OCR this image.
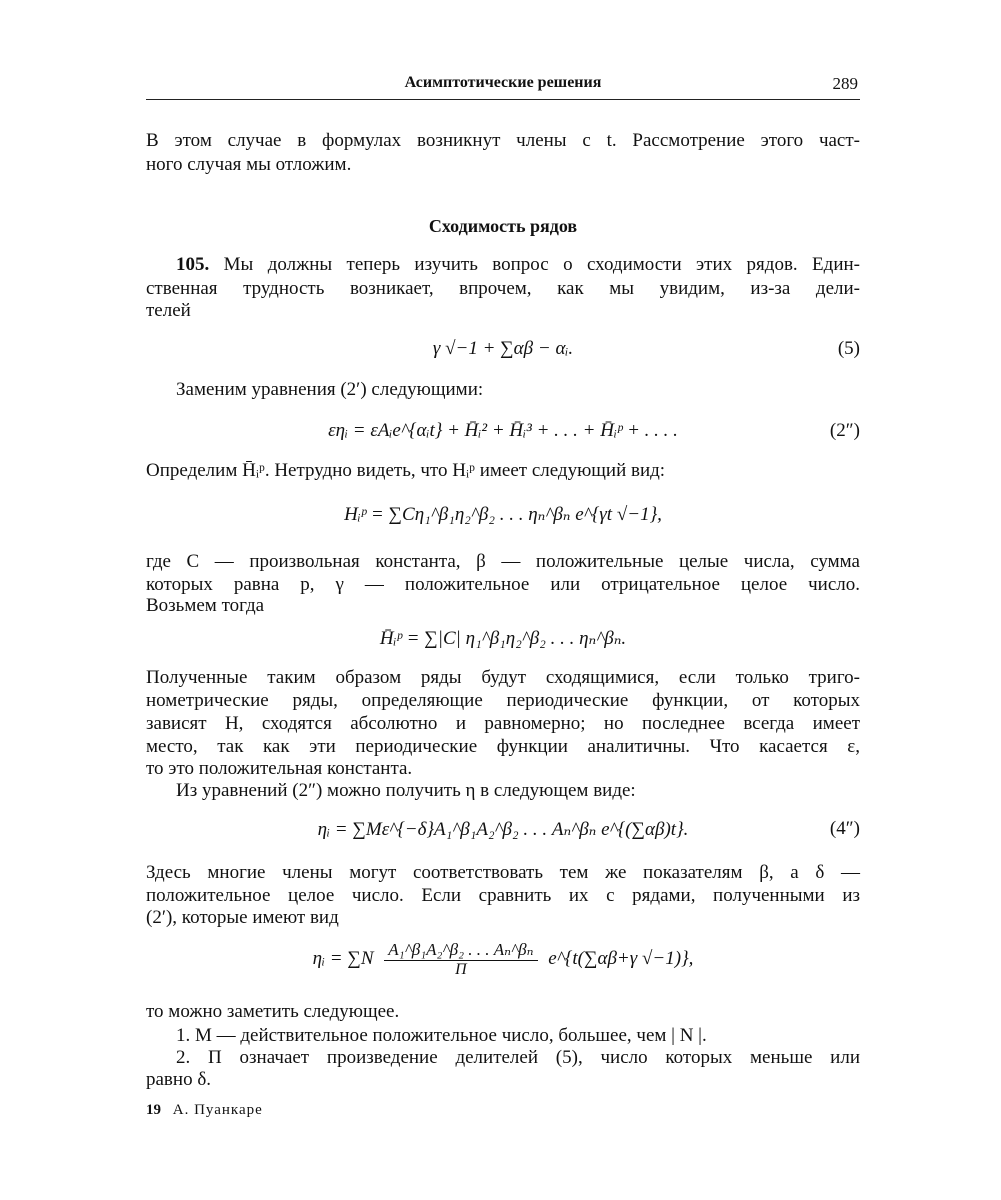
Асимптотические решения	289

В этом случае в формулах возникнут члены с t. Рассмотрение этого част-

ного случая мы отложим.

Сходимость рядов

105. Мы должны теперь изучить вопрос о сходимости этих рядов. Един-

ственная трудность возникает, впрочем, как мы увидим, из-за дели-

телей

γ √−1 + ∑αβ − αᵢ.	(5)

Заменим уравнения (2′) следующими:

εηᵢ = εAᵢe^{αᵢt} + H̄ᵢ² + H̄ᵢ³ + . . . + H̄ᵢᵖ + . . . .	(2″)

Определим H̄ᵢᵖ. Нетрудно видеть, что Hᵢᵖ имеет следующий вид:

Hᵢᵖ = ∑Cη₁^β₁η₂^β₂ . . . ηₙ^βₙ e^{γt √−1},

где C — произвольная константа, β — положительные целые числа, сумма

которых равна p, γ — положительное или отрицательное целое число.

Возьмем тогда

H̄ᵢᵖ = ∑|C| η₁^β₁η₂^β₂ . . . ηₙ^βₙ.

Полученные таким образом ряды будут сходящимися, если только триго-

нометрические ряды, определяющие периодические функции, от которых

зависят H, сходятся абсолютно и равномерно; но последнее всегда имеет

место, так как эти периодические функции аналитичны. Что касается ε,

то это положительная константа.

Из уравнений (2″) можно получить η в следующем виде:

ηᵢ = ∑Mε^{−δ}A₁^β₁A₂^β₂ . . . Aₙ^βₙ e^{(∑αβ)t}.	(4″)

Здесь многие члены могут соответствовать тем же показателям β, а δ —

положительное целое число. Если сравнить их с рядами, полученными из

(2′), которые имеют вид

ηᵢ = $\sum N \frac{\text{A₁\textasciicircum{}β₁A₂\textasciicircum{}β₂ . . . Aₙ\textasciicircum{}βₙ}}{\Pi}$ e^{t(∑αβ+γ √−1)},

то можно заметить следующее.

1. M — действительное положительное число, большее, чем | N |.

2. Π означает произведение делителей (5), число которых меньше или

равно δ.

19 А. Пуанкаре
